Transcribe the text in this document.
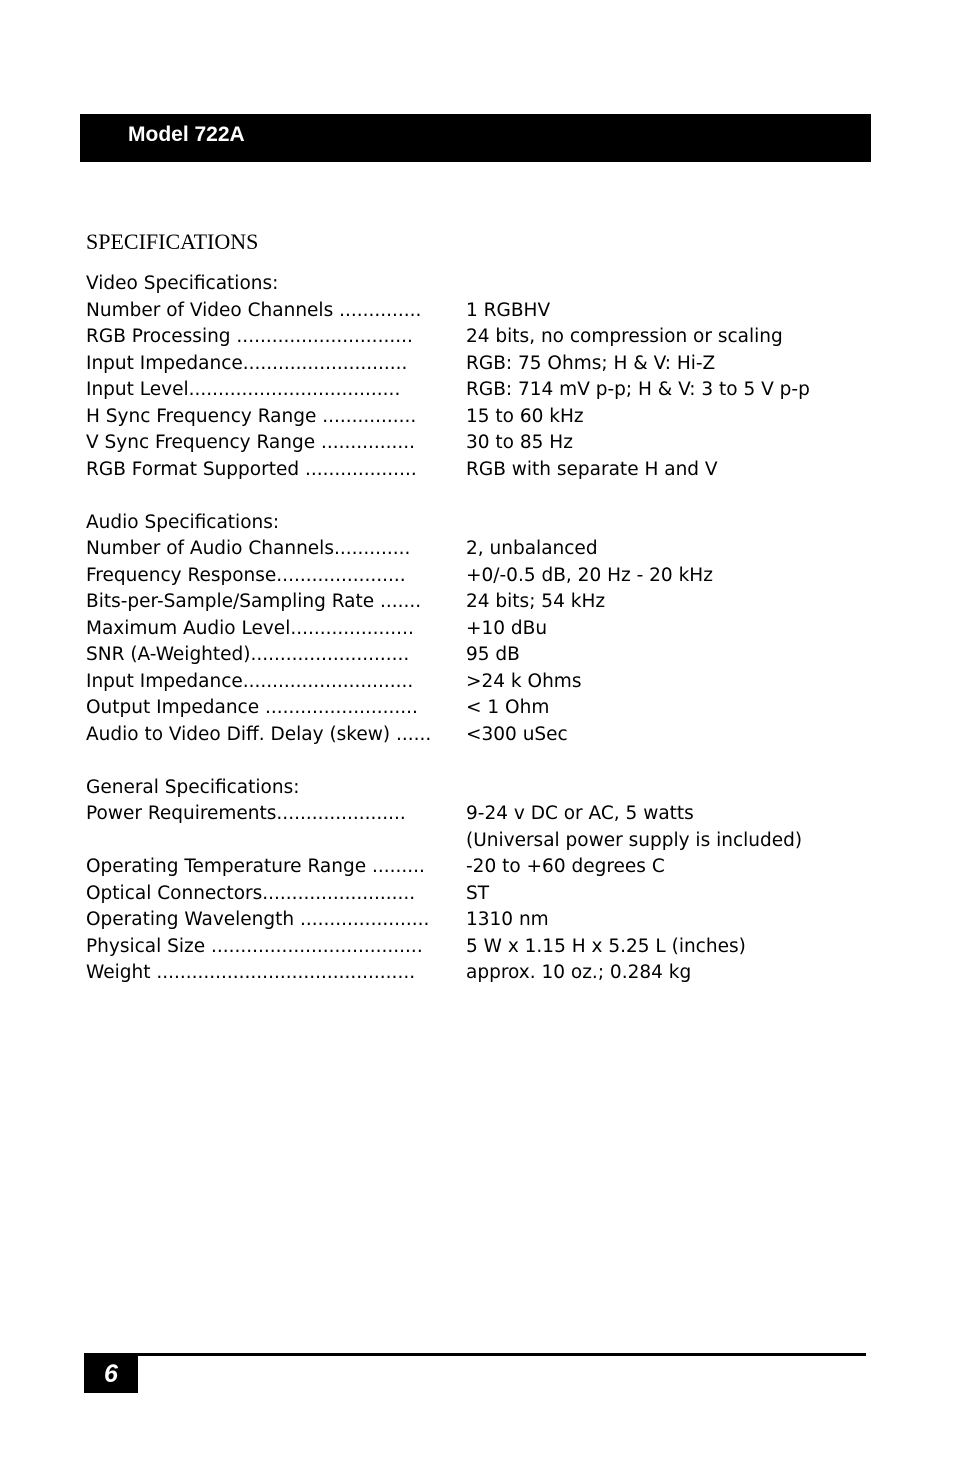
Model 722A
SPECIFICATIONS
Video Specifications:
Number of Video Channels .............. 1 RGBHV
RGB Processing ..............................	24 bits, no compression or scaling
Input Impedance............................	RGB: 75 Ohms; H & V: Hi-Z
Input Level....................................	RGB: 714 mV p-p; H & V: 3 to 5 V p-p
H Sync Frequency Range ................	15 to 60 kHz
V Sync Frequency Range ................	30 to 85 Hz
RGB Format Supported ...................	RGB with separate H and V
Audio Specifications:
Number of Audio Channels.............	2, unbalanced
Frequency Response......................	+0/-0.5 dB, 20 Hz - 20 kHz
Bits-per-Sample/Sampling Rate ....... 24 bits; 54 kHz
Maximum Audio Level.....................	+10 dBu
SNR (A-Weighted)...........................	95 dB
Input Impedance.............................	>24 k Ohms
Output Impedance ..........................	< 1 Ohm
Audio to Video Diff. Delay (skew) ...... <300 uSec
General Specifications:
Power Requirements......................	9-24 v DC or AC, 5 watts
(Universal power supply is included)
Operating Temperature Range ......... -20 to +60 degrees C
Optical Connectors..........................	ST
Operating Wavelength ...................... 1310 nm
Physical Size .................................... 5 W x 1.15 H x 5.25 L (inches)
Weight ............................................	approx. 10 oz.; 0.284 kg
6
